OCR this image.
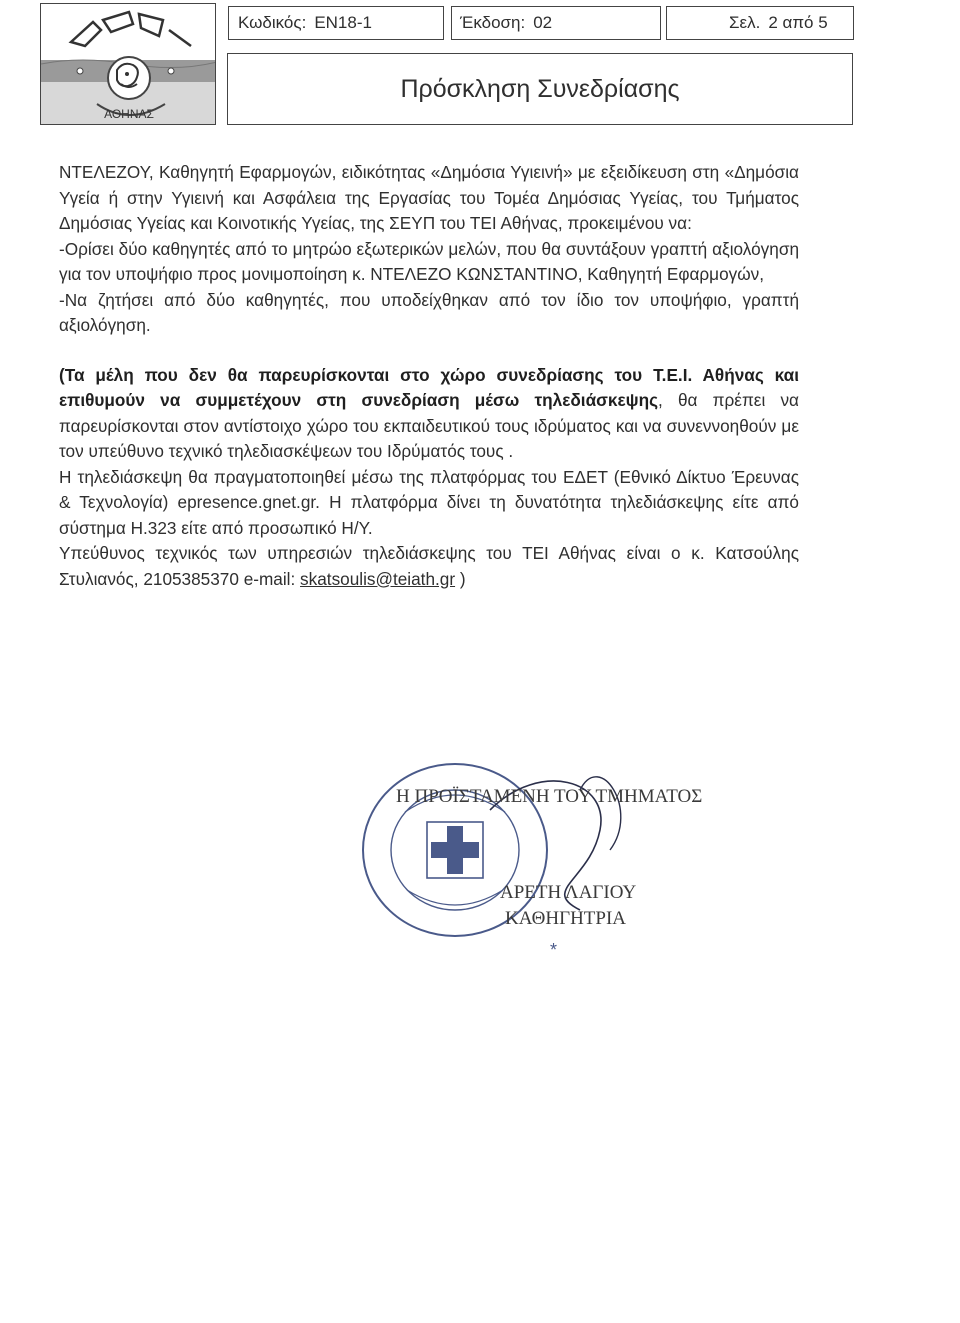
ΑΘΗΝΑΣ
Κωδικός: ΕΝ18-1	Έκδοση: 02	Σελ. 2 από 5
Πρόσκληση Συνεδρίασης

ΝΤΕΛΕΖΟΥ, Καθηγητή Εφαρμογών, ειδικότητας «Δημόσια Υγιεινή» με εξειδίκευση στη «Δημόσια Υγεία ή στην Υγιεινή και Ασφάλεια της Εργασίας του Τομέα Δημόσιας Υγείας, του Τμήματος Δημόσιας Υγείας και Κοινοτικής Υγείας, της ΣΕΥΠ του ΤΕΙ Αθήνας, προκειμένου να:

-Ορίσει δύο καθηγητές από το μητρώο εξωτερικών μελών, που θα συντάξουν γραπτή αξιολόγηση για τον υποψήφιο προς μονιμοποίηση κ. ΝΤΕΛΕΖΟ ΚΩΝΣΤΑΝΤΙΝΟ, Καθηγητή Εφαρμογών,

-Να ζητήσει από δύο καθηγητές, που υποδείχθηκαν από τον ίδιο τον υποψήφιο, γραπτή αξιολόγηση.

(Τα μέλη που δεν θα παρευρίσκονται στο χώρο συνεδρίασης του Τ.Ε.Ι. Αθήνας και επιθυμούν να συμμετέχουν στη συνεδρίαση μέσω τηλεδιάσκεψης, θα πρέπει να παρευρίσκονται στον αντίστοιχο χώρο του εκπαιδευτικού τους ιδρύματος και να συνεννοηθούν με τον υπεύθυνο τεχνικό τηλεδιασκέψεων του Ιδρύματός τους .

Η τηλεδιάσκεψη θα πραγματοποιηθεί μέσω της πλατφόρμας του ΕΔΕΤ (Εθνικό Δίκτυο Έρευνας & Τεχνολογία) epresence.gnet.gr. Η πλατφόρμα δίνει τη δυνατότητα τηλεδιάσκεψης είτε από σύστημα Η.323 είτε από προσωπικό Η/Υ.

Υπεύθυνος τεχνικός των υπηρεσιών τηλεδιάσκεψης του ΤΕΙ Αθήνας είναι ο κ. Κατσούλης Στυλιανός, 2105385370 e-mail: skatsoulis@teiath.gr )

*
Η ΠΡΟΪΣΤΑΜΕΝΗ ΤΟΥ ΤΜΗΜΑΤΟΣ
ΑΡΕΤΗ ΛΑΓΙΟΥ
ΚΑΘΗΓΗΤΡΙΑ
